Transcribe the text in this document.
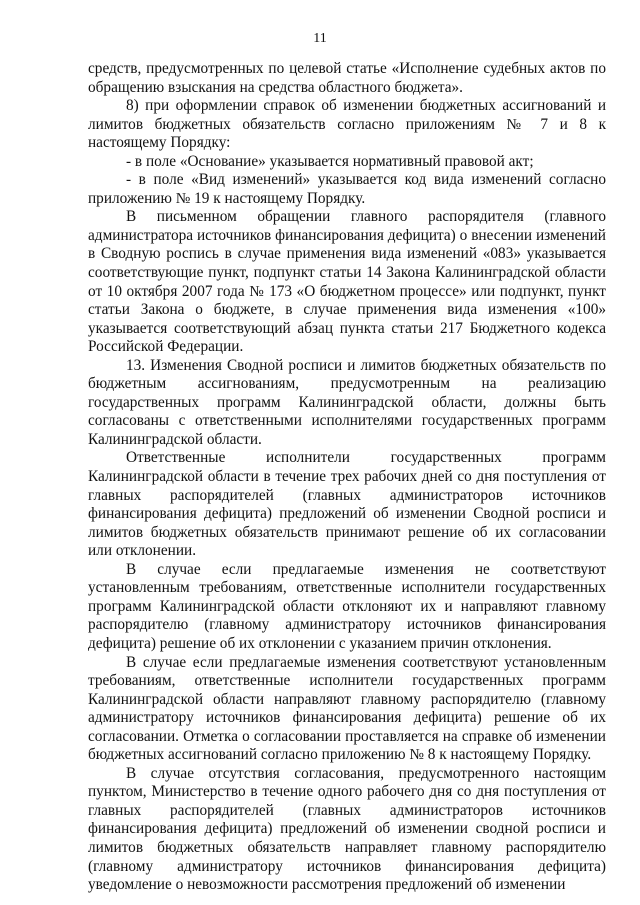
11

средств, предусмотренных по целевой статье «Исполнение судебных актов по обращению взыскания на средства областного бюджета».

8) при оформлении справок об изменении бюджетных ассигнований и лимитов бюджетных обязательств согласно приложениям № 7 и 8 к настоящему Порядку:

- в поле «Основание» указывается нормативный правовой акт;

- в поле «Вид изменений» указывается код вида изменений согласно приложению № 19 к настоящему Порядку.

В письменном обращении главного распорядителя (главного администратора источников финансирования дефицита) о внесении изменений в Сводную роспись в случае применения вида изменений «083» указывается соответствующие пункт, подпункт статьи 14 Закона Калининградской области от 10 октября 2007 года № 173 «О бюджетном процессе» или подпункт, пункт статьи Закона о бюджете, в случае применения вида изменения «100» указывается соответствующий абзац пункта статьи 217 Бюджетного кодекса Российской Федерации.

13. Изменения Сводной росписи и лимитов бюджетных обязательств по бюджетным ассигнованиям, предусмотренным на реализацию государственных программ Калининградской области, должны быть согласованы с ответственными исполнителями государственных программ Калининградской области.

Ответственные исполнители государственных программ Калининградской области в течение трех рабочих дней со дня поступления от главных распорядителей (главных администраторов источников финансирования дефицита) предложений об изменении Сводной росписи и лимитов бюджетных обязательств принимают решение об их согласовании или отклонении.

В случае если предлагаемые изменения не соответствуют установленным требованиям, ответственные исполнители государственных программ Калининградской области отклоняют их и направляют главному распорядителю (главному администратору источников финансирования дефицита) решение об их отклонении с указанием причин отклонения.

В случае если предлагаемые изменения соответствуют установленным требованиям, ответственные исполнители государственных программ Калининградской области направляют главному распорядителю (главному администратору источников финансирования дефицита) решение об их согласовании. Отметка о согласовании проставляется на справке об изменении бюджетных ассигнований согласно приложению № 8 к настоящему Порядку.

В случае отсутствия согласования, предусмотренного настоящим пунктом, Министерство в течение одного рабочего дня со дня поступления от главных распорядителей (главных администраторов источников финансирования дефицита) предложений об изменении сводной росписи и лимитов бюджетных обязательств направляет главному распорядителю (главному администратору источников финансирования дефицита) уведомление о невозможности рассмотрения предложений об изменении
